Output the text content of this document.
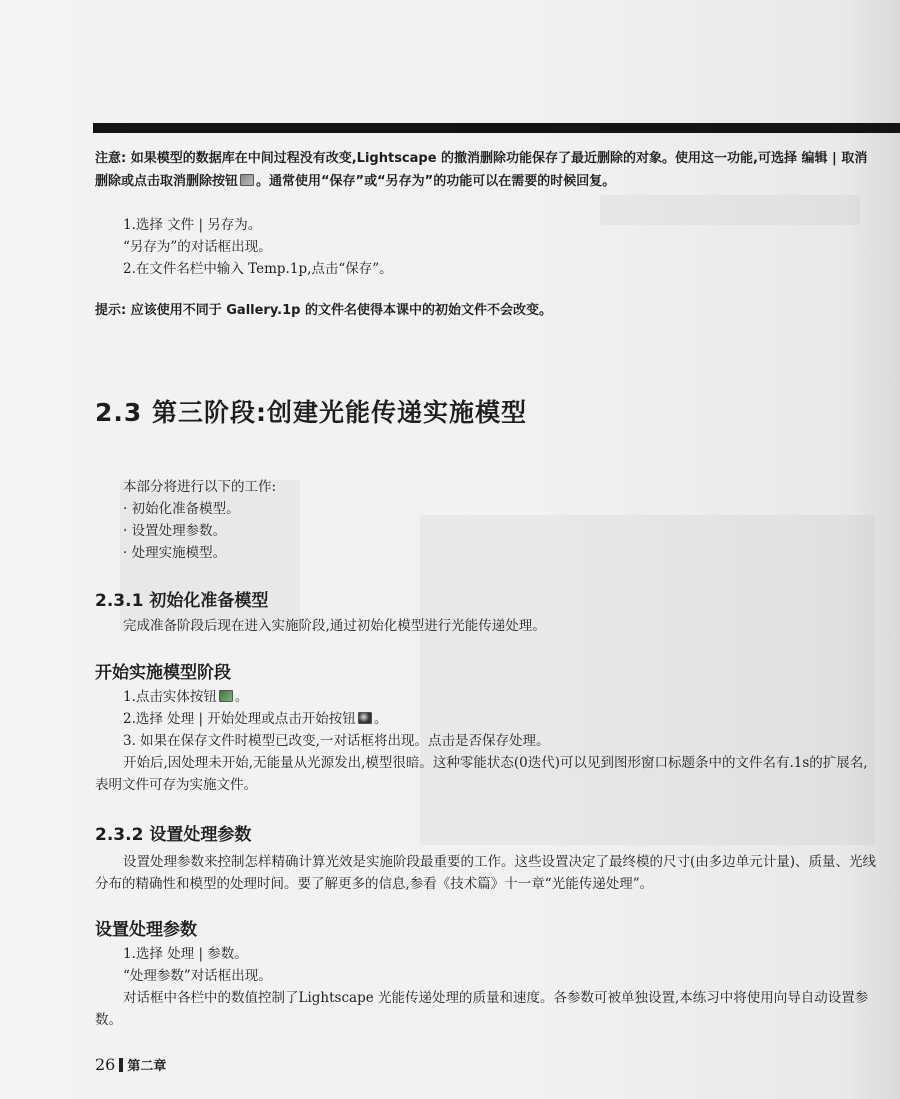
注意: 如果模型的数据库在中间过程没有改变,Lightscape 的撤消删除功能保存了最近删除的对象。使用这一功能,可选择 编辑 | 取消删除或点击取消删除按钮 。通常使用“保存”或“另存为”的功能可以在需要的时候回复。

1.选择 文件 | 另存为。

“另存为”的对话框出现。

2.在文件名栏中输入 Temp.1p,点击“保存”。

提示: 应该使用不同于 Gallery.1p 的文件名使得本课中的初始文件不会改变。

2.3 第三阶段:创建光能传递实施模型

本部分将进行以下的工作:

· 初始化准备模型。

· 设置处理参数。

· 处理实施模型。

2.3.1 初始化准备模型

完成准备阶段后现在进入实施阶段,通过初始化模型进行光能传递处理。

开始实施模型阶段

1.点击实体按钮 。

2.选择 处理 | 开始处理或点击开始按钮 。

3. 如果在保存文件时模型已改变,一对话框将出现。点击是否保存处理。

开始后,因处理未开始,无能量从光源发出,模型很暗。这种零能状态(0迭代)可以见到图形窗口标题条中的文件名有.1s的扩展名,表明文件可存为实施文件。

2.3.2 设置处理参数

设置处理参数来控制怎样精确计算光效是实施阶段最重要的工作。这些设置决定了最终模的尺寸(由多边单元计量)、质量、光线分布的精确性和模型的处理时间。要了解更多的信息,参看《技术篇》十一章“光能传递处理”。

设置处理参数

1.选择 处理 | 参数。

“处理参数”对话框出现。

对话框中各栏中的数值控制了Lightscape 光能传递处理的质量和速度。各参数可被单独设置,本练习中将使用向导自动设置参数。

26 第二章
